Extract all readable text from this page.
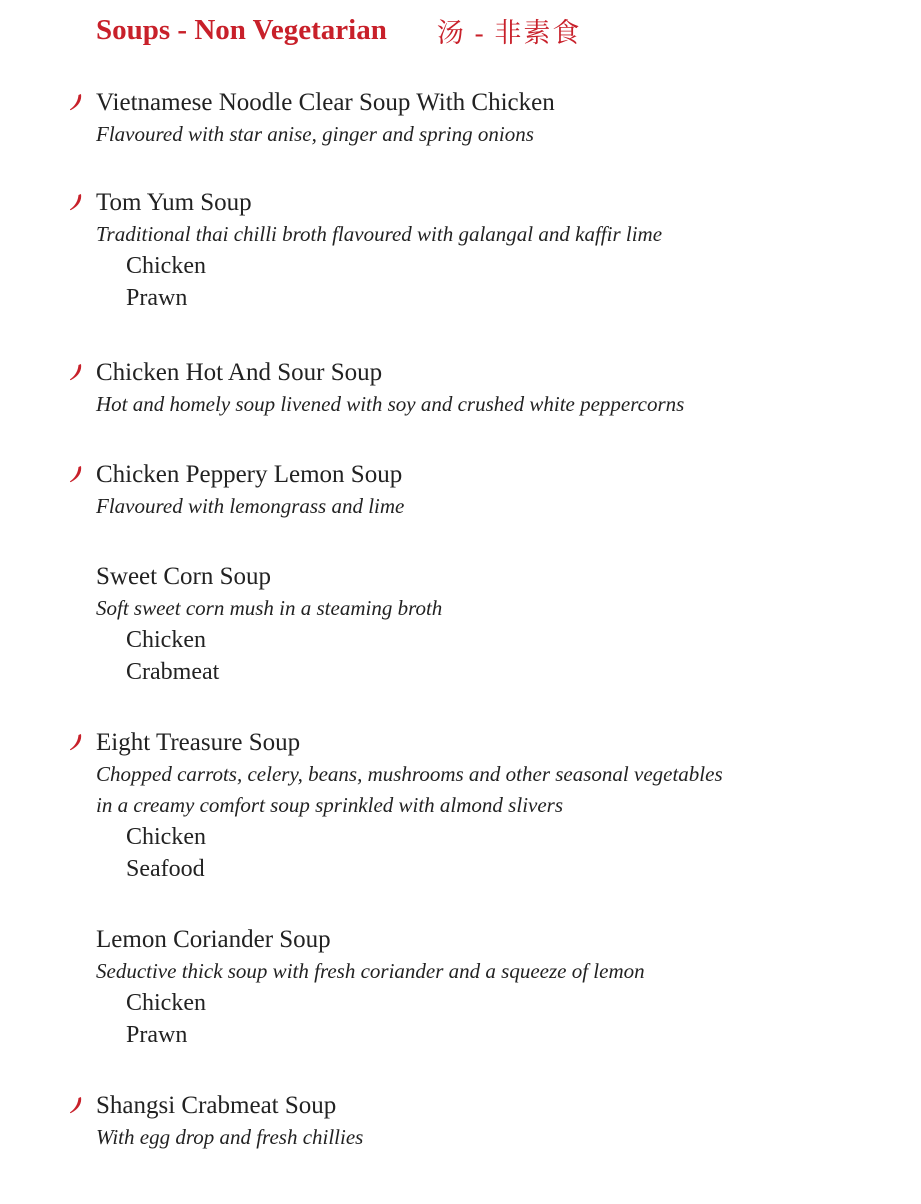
Soups - Non Vegetarian 汤 - 非素食
Vietnamese Noodle Clear Soup With Chicken
Flavoured with star anise, ginger and spring onions
Tom Yum Soup
Traditional thai chilli broth flavoured with galangal and kaffir lime
Chicken
Prawn
Chicken Hot And Sour Soup
Hot and homely soup livened with soy and crushed white peppercorns
Chicken Peppery Lemon Soup
Flavoured with lemongrass and lime
Sweet Corn Soup
Soft sweet corn mush in a steaming broth
Chicken
Crabmeat
Eight Treasure Soup
Chopped carrots, celery, beans, mushrooms and other seasonal vegetables
in a creamy comfort soup sprinkled with almond slivers
Chicken
Seafood
Lemon Coriander Soup
Seductive thick soup with fresh coriander and a squeeze of lemon
Chicken
Prawn
Shangsi Crabmeat Soup
With egg drop and fresh chillies
